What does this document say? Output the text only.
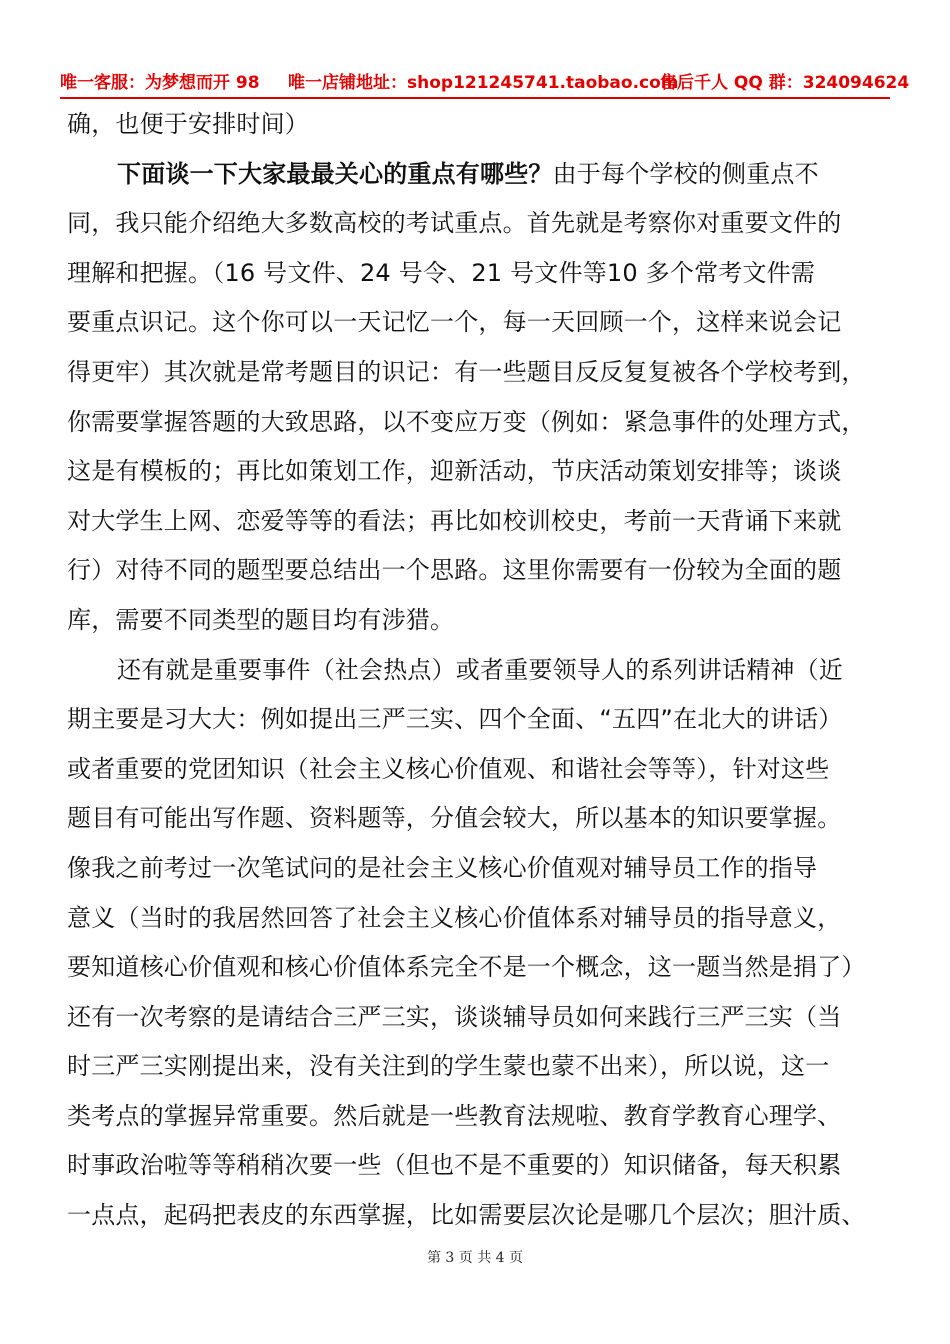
唯一客服：为梦想而开 98 唯一店铺地址：shop121245741.taobao.com
售后千人 QQ 群：324094624
确，也便于安排时间）
下面谈一下大家最最关心的重点有哪些？由于每个学校的侧重点不
同，我只能介绍绝大多数高校的考试重点。首先就是考察你对重要文件的
理解和把握。（16 号文件、24 号令、21 号文件等10 多个常考文件需
要重点识记。这个你可以一天记忆一个，每一天回顾一个，这样来说会记
得更牢）其次就是常考题目的识记：有一些题目反反复复被各个学校考到，
你需要掌握答题的大致思路，以不变应万变（例如：紧急事件的处理方式，
这是有模板的；再比如策划工作，迎新活动，节庆活动策划安排等；谈谈
对大学生上网、恋爱等等的看法；再比如校训校史，考前一天背诵下来就
行）对待不同的题型要总结出一个思路。这里你需要有一份较为全面的题
库，需要不同类型的题目均有涉猎。
还有就是重要事件（社会热点）或者重要领导人的系列讲话精神（近
期主要是习大大：例如提出三严三实、四个全面、“五四”在北大的讲话）
或者重要的党团知识（社会主义核心价值观、和谐社会等等），针对这些
题目有可能出写作题、资料题等，分值会较大，所以基本的知识要掌握。
像我之前考过一次笔试问的是社会主义核心价值观对辅导员工作的指导
意义（当时的我居然回答了社会主义核心价值体系对辅导员的指导意义，
要知道核心价值观和核心价值体系完全不是一个概念，这一题当然是捐了）
还有一次考察的是请结合三严三实，谈谈辅导员如何来践行三严三实（当
时三严三实刚提出来，没有关注到的学生蒙也蒙不出来），所以说，这一
类考点的掌握异常重要。然后就是一些教育法规啦、教育学教育心理学、
时事政治啦等等稍稍次要一些（但也不是不重要的）知识储备，每天积累
一点点，起码把表皮的东西掌握，比如需要层次论是哪几个层次；胆汁质、
第 3 页 共 4 页
